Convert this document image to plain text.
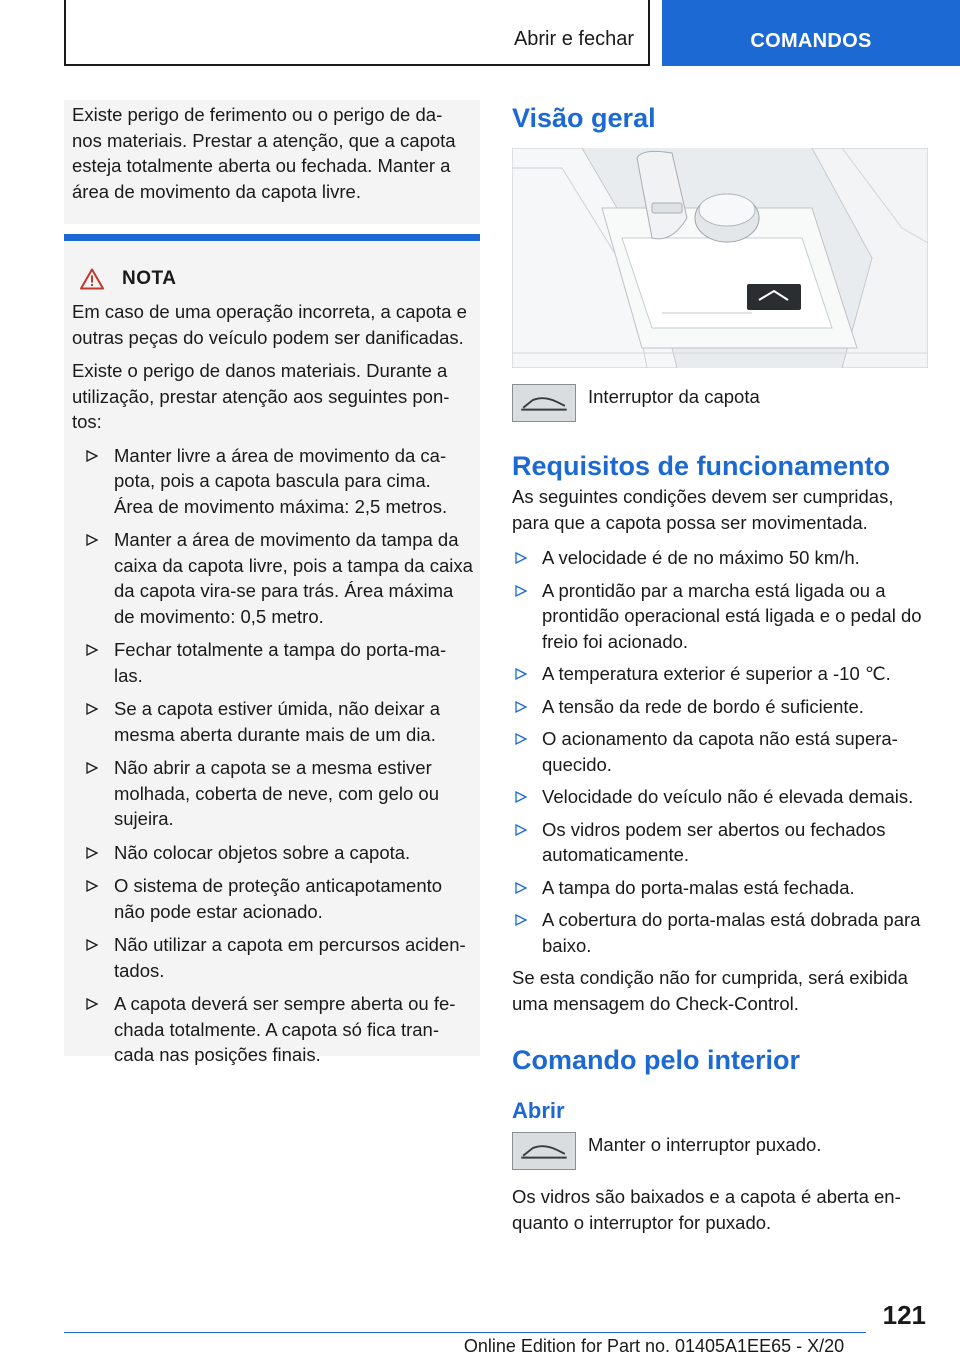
Abrir e fechar	COMANDOS

Existe perigo de ferimento ou o perigo de da-nos materiais. Prestar a atenção, que a capota esteja totalmente aberta ou fechada. Manter a área de movimento da capota livre.

NOTA

Em caso de uma operação incorreta, a capota e outras peças do veículo podem ser danificadas.

Existe o perigo de danos materiais. Durante a utilização, prestar atenção aos seguintes pon-tos:

Manter livre a área de movimento da ca-pota, pois a capota bascula para cima. Área de movimento máxima: 2,5 metros.
Manter a área de movimento da tampa da caixa da capota livre, pois a tampa da caixa da capota vira-se para trás. Área máxima de movimento: 0,5 metro.
Fechar totalmente a tampa do porta-ma-las.
Se a capota estiver úmida, não deixar a mesma aberta durante mais de um dia.
Não abrir a capota se a mesma estiver molhada, coberta de neve, com gelo ou sujeira.
Não colocar objetos sobre a capota.
O sistema de proteção anticapotamento não pode estar acionado.
Não utilizar a capota em percursos aciden-tados.
A capota deverá ser sempre aberta ou fe-chada totalmente. A capota só fica tran-cada nas posições finais.
Visão geral
Interruptor da capota
Requisitos de funcionamento

As seguintes condições devem ser cumpridas, para que a capota possa ser movimentada.

A velocidade é de no máximo 50 km/h.
A prontidão par a marcha está ligada ou a prontidão operacional está ligada e o pedal do freio foi acionado.
A temperatura exterior é superior a -10 ℃.
A tensão da rede de bordo é suficiente.
O acionamento da capota não está supera-quecido.
Velocidade do veículo não é elevada demais.
Os vidros podem ser abertos ou fechados automaticamente.
A tampa do porta-malas está fechada.
A cobertura do porta-malas está dobrada para baixo.

Se esta condição não for cumprida, será exibida uma mensagem do Check-Control.

Comando pelo interior
Abrir
Manter o interruptor puxado.

Os vidros são baixados e a capota é aberta en-quanto o interruptor for puxado.

121
Online Edition for Part no. 01405A1EE65 - X/20
